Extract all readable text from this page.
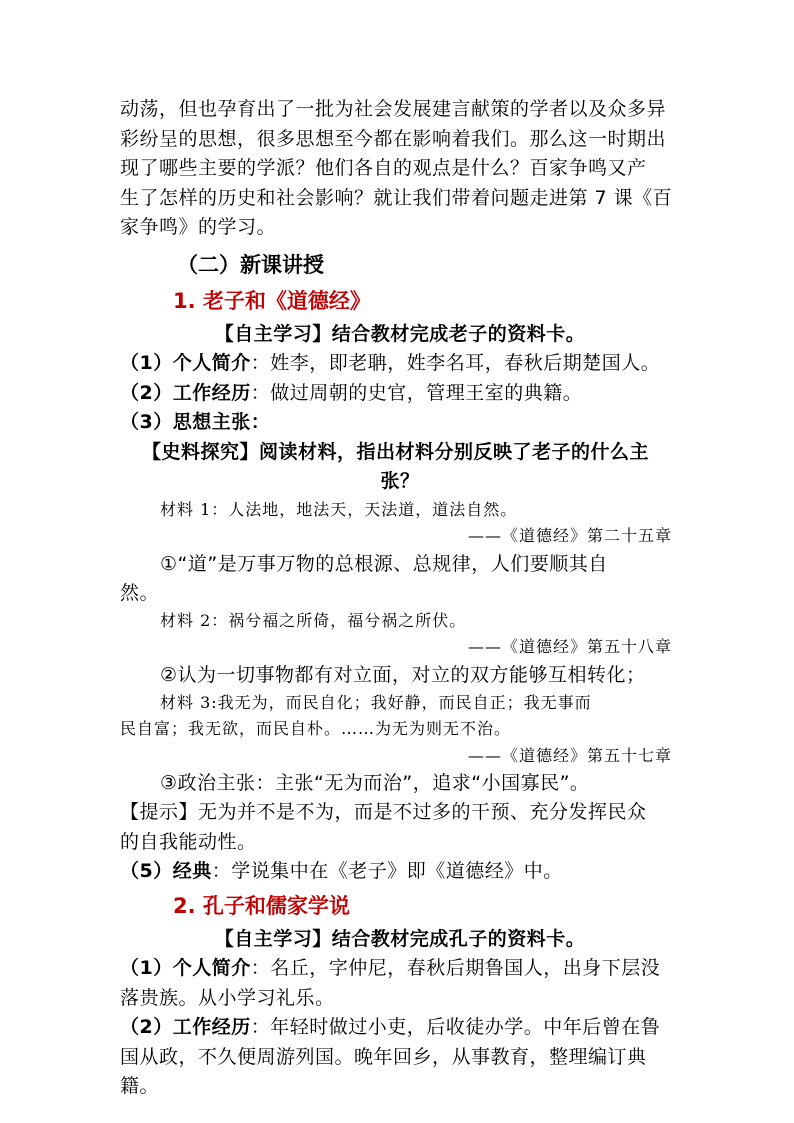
动荡，但也孕育出了一批为社会发展建言献策的学者以及众多异

彩纷呈的思想，很多思想至今都在影响着我们。那么这一时期出

现了哪些主要的学派？他们各自的观点是什么？百家争鸣又产

生了怎样的历史和社会影响？就让我们带着问题走进第 7 课《百

家争鸣》的学习。

（二）新课讲授

1. 老子和《道德经》

【自主学习】结合教材完成老子的资料卡。

（1）个人简介：姓李，即老聃，姓李名耳，春秋后期楚国人。

（2）工作经历：做过周朝的史官，管理王室的典籍。

（3）思想主张：

【史料探究】阅读材料，指出材料分别反映了老子的什么主

张？

材料 1：人法地，地法天，天法道，道法自然。

——《道德经》第二十五章

①“道”是万事万物的总根源、总规律，人们要顺其自

然。

材料 2：祸兮福之所倚，福兮祸之所伏。

——《道德经》第五十八章

②认为一切事物都有对立面，对立的双方能够互相转化；

材料 3:我无为，而民自化；我好静，而民自正；我无事而

民自富；我无欲，而民自朴。……为无为则无不治。

——《道德经》第五十七章

③政治主张：主张“无为而治”，追求“小国寡民”。

【提示】无为并不是不为，而是不过多的干预、充分发挥民众

的自我能动性。

（5）经典：学说集中在《老子》即《道德经》中。

2. 孔子和儒家学说

【自主学习】结合教材完成孔子的资料卡。

（1）个人简介：名丘，字仲尼，春秋后期鲁国人，出身下层没

落贵族。从小学习礼乐。

（2）工作经历：年轻时做过小吏，后收徒办学。中年后曾在鲁

国从政，不久便周游列国。晚年回乡，从事教育，整理编订典

籍。
